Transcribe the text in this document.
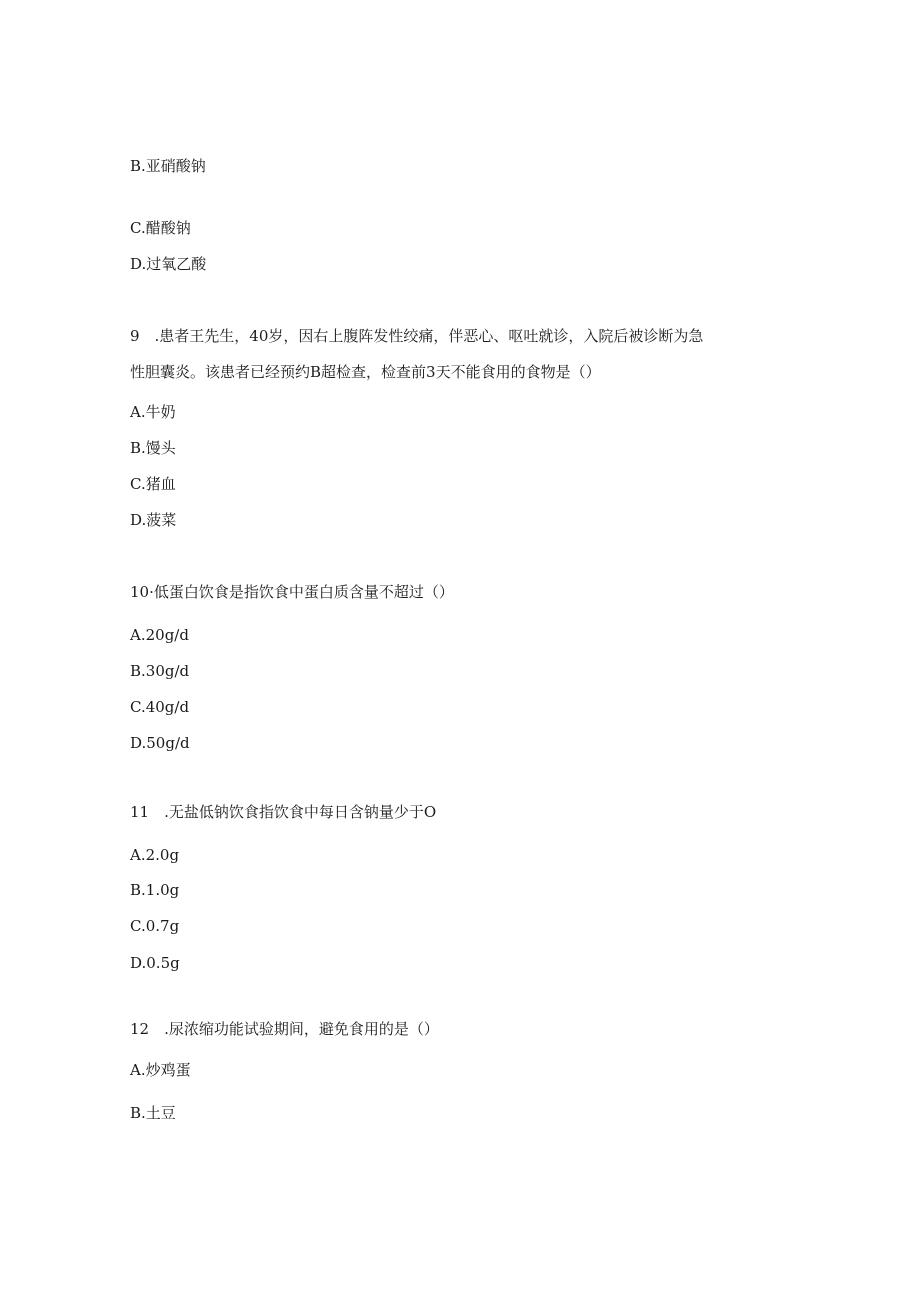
B.亚硝酸钠
C.醋酸钠
D.过氧乙酸
9　.患者王先生，40岁，因右上腹阵发性绞痛，伴恶心、呕吐就诊，入院后被诊断为急
性胆囊炎。该患者已经预约B超检查，检查前3天不能食用的食物是（）
A.牛奶
B.馒头
C.猪血
D.菠菜
10·低蛋白饮食是指饮食中蛋白质含量不超过（）
A.20g∕d
B.30g∕d
C.40g∕d
D.50g∕d
11　.无盐低钠饮食指饮食中每日含钠量少于O
A.2.0g
B.1.0g
C.0.7g
D.0.5g
12　.尿浓缩功能试验期间，避免食用的是（）
A.炒鸡蛋
B.土豆
